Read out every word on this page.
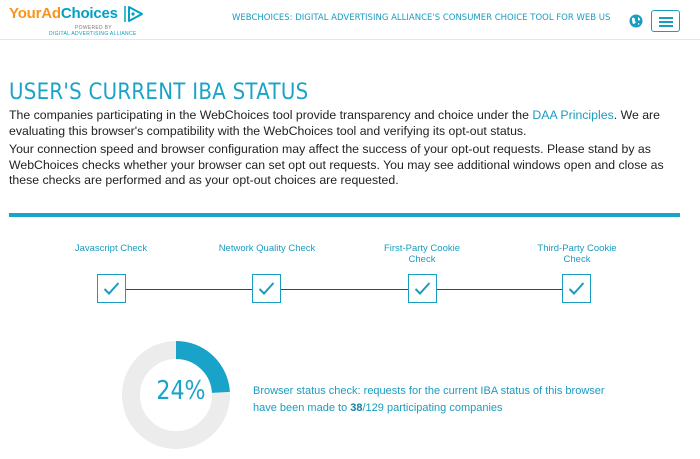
YourAdChoices
POWERED BY
DIGITAL ADVERTISING ALLIANCE
WEBCHOICES: DIGITAL ADVERTISING ALLIANCE'S CONSUMER CHOICE TOOL FOR WEB US
USER'S CURRENT IBA STATUS
The companies participating in the WebChoices tool provide transparency and choice under the DAA Principles. We are evaluating this browser's compatibility with the WebChoices tool and verifying its opt-out status.
Your connection speed and browser configuration may affect the success of your opt-out requests. Please stand by as WebChoices checks whether your browser can set opt out requests. You may see additional windows open and close as these checks are performed and as your opt-out choices are requested.
Javascript Check	Network Quality Check	First-Party Cookie Check
Third-Party Cookie Check
24%	Browser status check: requests for the current IBA status of this browser
have been made to 38/129 participating companies
